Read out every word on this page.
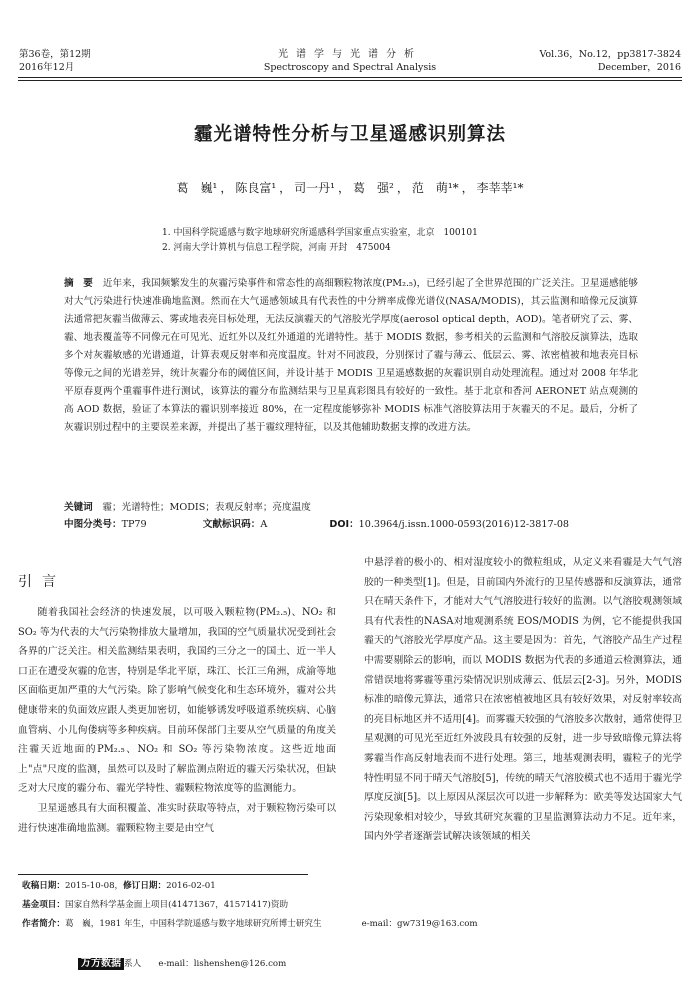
第36卷，第12期
2016年12月
光谱学与光谱分析
Spectroscopy and Spectral Analysis
Vol.36，No.12，pp3817-3824
December，2016
霾光谱特性分析与卫星遥感识别算法
葛　巍¹ ， 陈良富¹ ， 司一丹¹ ， 葛　强² ， 范　萌¹* ， 李莘莘¹*
1. 中国科学院遥感与数字地球研究所遥感科学国家重点实验室，北京　100101
2. 河南大学计算机与信息工程学院，河南 开封　475004
摘　要 近年来，我国频繁发生的灰霾污染事件和常态性的高细颗粒物浓度(PM₂.₅)，已经引起了全世界范围的广泛关注。卫星遥感能够对大气污染进行快速准确地监测。然而在大气遥感领域具有代表性的中分辨率成像光谱仪(NASA/MODIS)，其云监测和暗像元反演算法通常把灰霾当做薄云、雾或地表亮目标处理，无法反演霾天的气溶胶光学厚度(aerosol optical depth，AOD)。笔者研究了云、雾、霾、地表覆盖等不同像元在可见光、近红外以及红外通道的光谱特性。基于 MODIS 数据，参考相关的云监测和气溶胶反演算法，选取多个对灰霾敏感的光谱通道，计算表观反射率和亮度温度。针对不同波段，分别探讨了霾与薄云、低层云、雾、浓密植被和地表亮目标等像元之间的光谱差异，统计灰霾分布的阈值区间，并设计基于 MODIS 卫星遥感数据的灰霾识别自动处理流程。通过对 2008 年华北平原春夏两个重霾事件进行测试，该算法的霾分布监测结果与卫星真彩图具有较好的一致性。基于北京和香河 AERONET 站点观测的高 AOD 数据，验证了本算法的霾识别率接近 80%，在一定程度能够弥补 MODIS 标准气溶胶算法用于灰霾天的不足。最后，分析了灰霾识别过程中的主要误差来源，并提出了基于霾纹理特征，以及其他辅助数据支撑的改进方法。
关键词　 霾；光谱特性；MODIS；表观反射率；亮度温度
中图分类号：TP79	文献标识码：A	DOI：10.3964/j.issn.1000-0593(2016)12-3817-08
引言

随着我国社会经济的快速发展，以可吸入颗粒物(PM₂.₅)、NO₂ 和 SO₂ 等为代表的大气污染物排放大量增加，我国的空气质量状况受到社会各界的广泛关注。相关监测结果表明，我国约三分之一的国土、近一半人口正在遭受灰霾的危害，特别是华北平原，珠江、长江三角洲，成渝等地区面临更加严重的大气污染。除了影响气候变化和生态环境外，霾对公共健康带来的负面效应跟人类更加密切，如能够诱发呼吸道系统疾病、心脑血管病、小儿佝偻病等多种疾病。目前环保部门主要从空气质量的角度关注霾天近地面的PM₂.₅、NO₂ 和 SO₂ 等污染物浓度。这些近地面上"点"尺度的监测，虽然可以及时了解监测点附近的霾天污染状况，但缺乏对大尺度的霾分布、霾光学特性、霾颗粒物浓度等的监测能力。

卫星遥感具有大面积覆盖、准实时获取等特点，对于颗粒物污染可以进行快速准确地监测。霾颗粒物主要是由空气

中悬浮着的极小的、相对湿度较小的微粒组成，从定义来看霾是大气气溶胶的一种类型[1]。但是，目前国内外流行的卫星传感器和反演算法，通常只在晴天条件下，才能对大气气溶胶进行较好的监测。以气溶胶观测领域具有代表性的NASA对地观测系统 EOS/MODIS 为例，它不能提供我国霾天的气溶胶光学厚度产品。这主要是因为：首先，气溶胶产品生产过程中需要剔除云的影响，而以 MODIS 数据为代表的多通道云检测算法，通常错误地将雾霾等重污染情况识别成薄云、低层云[2-3]。另外，MODIS 标准的暗像元算法，通常只在浓密植被地区具有较好效果，对反射率较高的亮目标地区并不适用[4]。而雾霾天较强的气溶胶多次散射，通常使得卫星观测的可见光至近红外波段具有较强的反射，进一步导致暗像元算法将雾霾当作高反射地表而不进行处理。第三，地基观测表明，霾粒子的光学特性明显不同于晴天气溶胶[5]，传统的晴天气溶胶模式也不适用于霾光学厚度反演[5]。以上原因从深层次可以进一步解释为：欧美等发达国家大气污染现象相对较少，导致其研究灰霾的卫星监测算法动力不足。近年来，国内外学者逐渐尝试解决该领域的相关

收稿日期：2015-10-08，修订日期：2016-02-01
基金项目：国家自然科学基金面上项目(41471367，41571417)资助
作者简介：葛　巍，1981 年生，中国科学院遥感与数字地球研究所博士研究生	e-mail：gw7319@163.com
万方数据 系人　　e-mail：lishenshen@126.com
